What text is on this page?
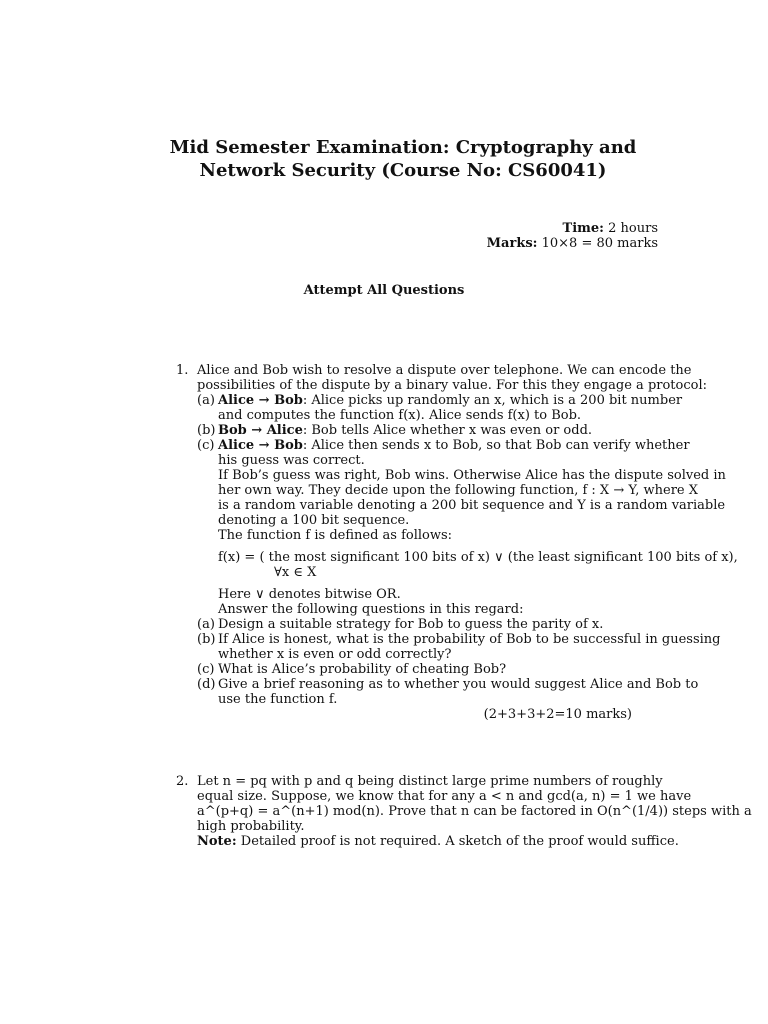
Mid Semester Examination: Cryptography and
Network Security (Course No: CS60041)
Time: 2 hours
Marks: 10×8 = 80 marks
Attempt All Questions
1. Alice and Bob wish to resolve a dispute over telephone. We can encode the
possibilities of the dispute by a binary value. For this they engage a protocol:
(a) Alice → Bob: Alice picks up randomly an x, which is a 200 bit number
and computes the function f(x). Alice sends f(x) to Bob.
(b) Bob → Alice: Bob tells Alice whether x was even or odd.
(c) Alice → Bob: Alice then sends x to Bob, so that Bob can verify whether
his guess was correct.
If Bob’s guess was right, Bob wins. Otherwise Alice has the dispute solved in
her own way. They decide upon the following function, f : X → Y, where X
is a random variable denoting a 200 bit sequence and Y is a random variable
denoting a 100 bit sequence.
The function f is defined as follows:
f(x) = ( the most significant 100 bits of x) ∨ (the least significant 100 bits of x),
∀x ∈ X
Here ∨ denotes bitwise OR.
Answer the following questions in this regard:
(a) Design a suitable strategy for Bob to guess the parity of x.
(b) If Alice is honest, what is the probability of Bob to be successful in guessing
whether x is even or odd correctly?
(c) What is Alice’s probability of cheating Bob?
(d) Give a brief reasoning as to whether you would suggest Alice and Bob to
use the function f.
(2+3+3+2=10 marks)
2. Let n = pq with p and q being distinct large prime numbers of roughly
equal size. Suppose, we know that for any a < n and gcd(a, n) = 1 we have
a^(p+q) = a^(n+1) mod(n). Prove that n can be factored in O(n^(1/4)) steps with a
high probability.
Note: Detailed proof is not required. A sketch of the proof would suffice.
